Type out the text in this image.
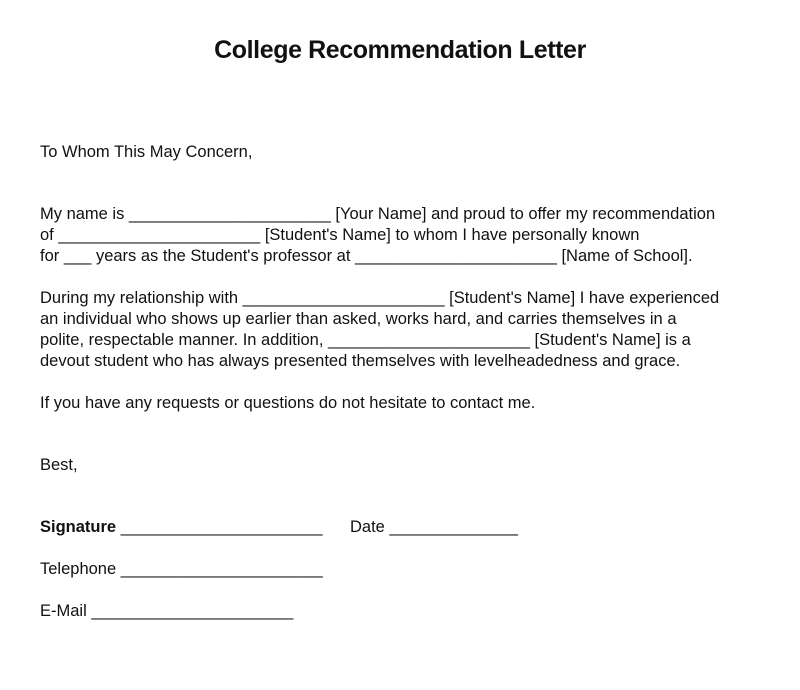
College Recommendation Letter
To Whom This May Concern,
My name is ______________________ [Your Name] and proud to offer my recommendation
of ______________________ [Student's Name] to whom I have personally known
for ___ years as the Student's professor at ______________________ [Name of School].
During my relationship with ______________________ [Student's Name] I have experienced
an individual who shows up earlier than asked, works hard, and carries themselves in a
polite, respectable manner. In addition, ______________________ [Student's Name] is a
devout student who has always presented themselves with levelheadedness and grace.
If you have any requests or questions do not hesitate to contact me.
Best,
Signature ______________________ Date ______________
Telephone ______________________
E-Mail ______________________
